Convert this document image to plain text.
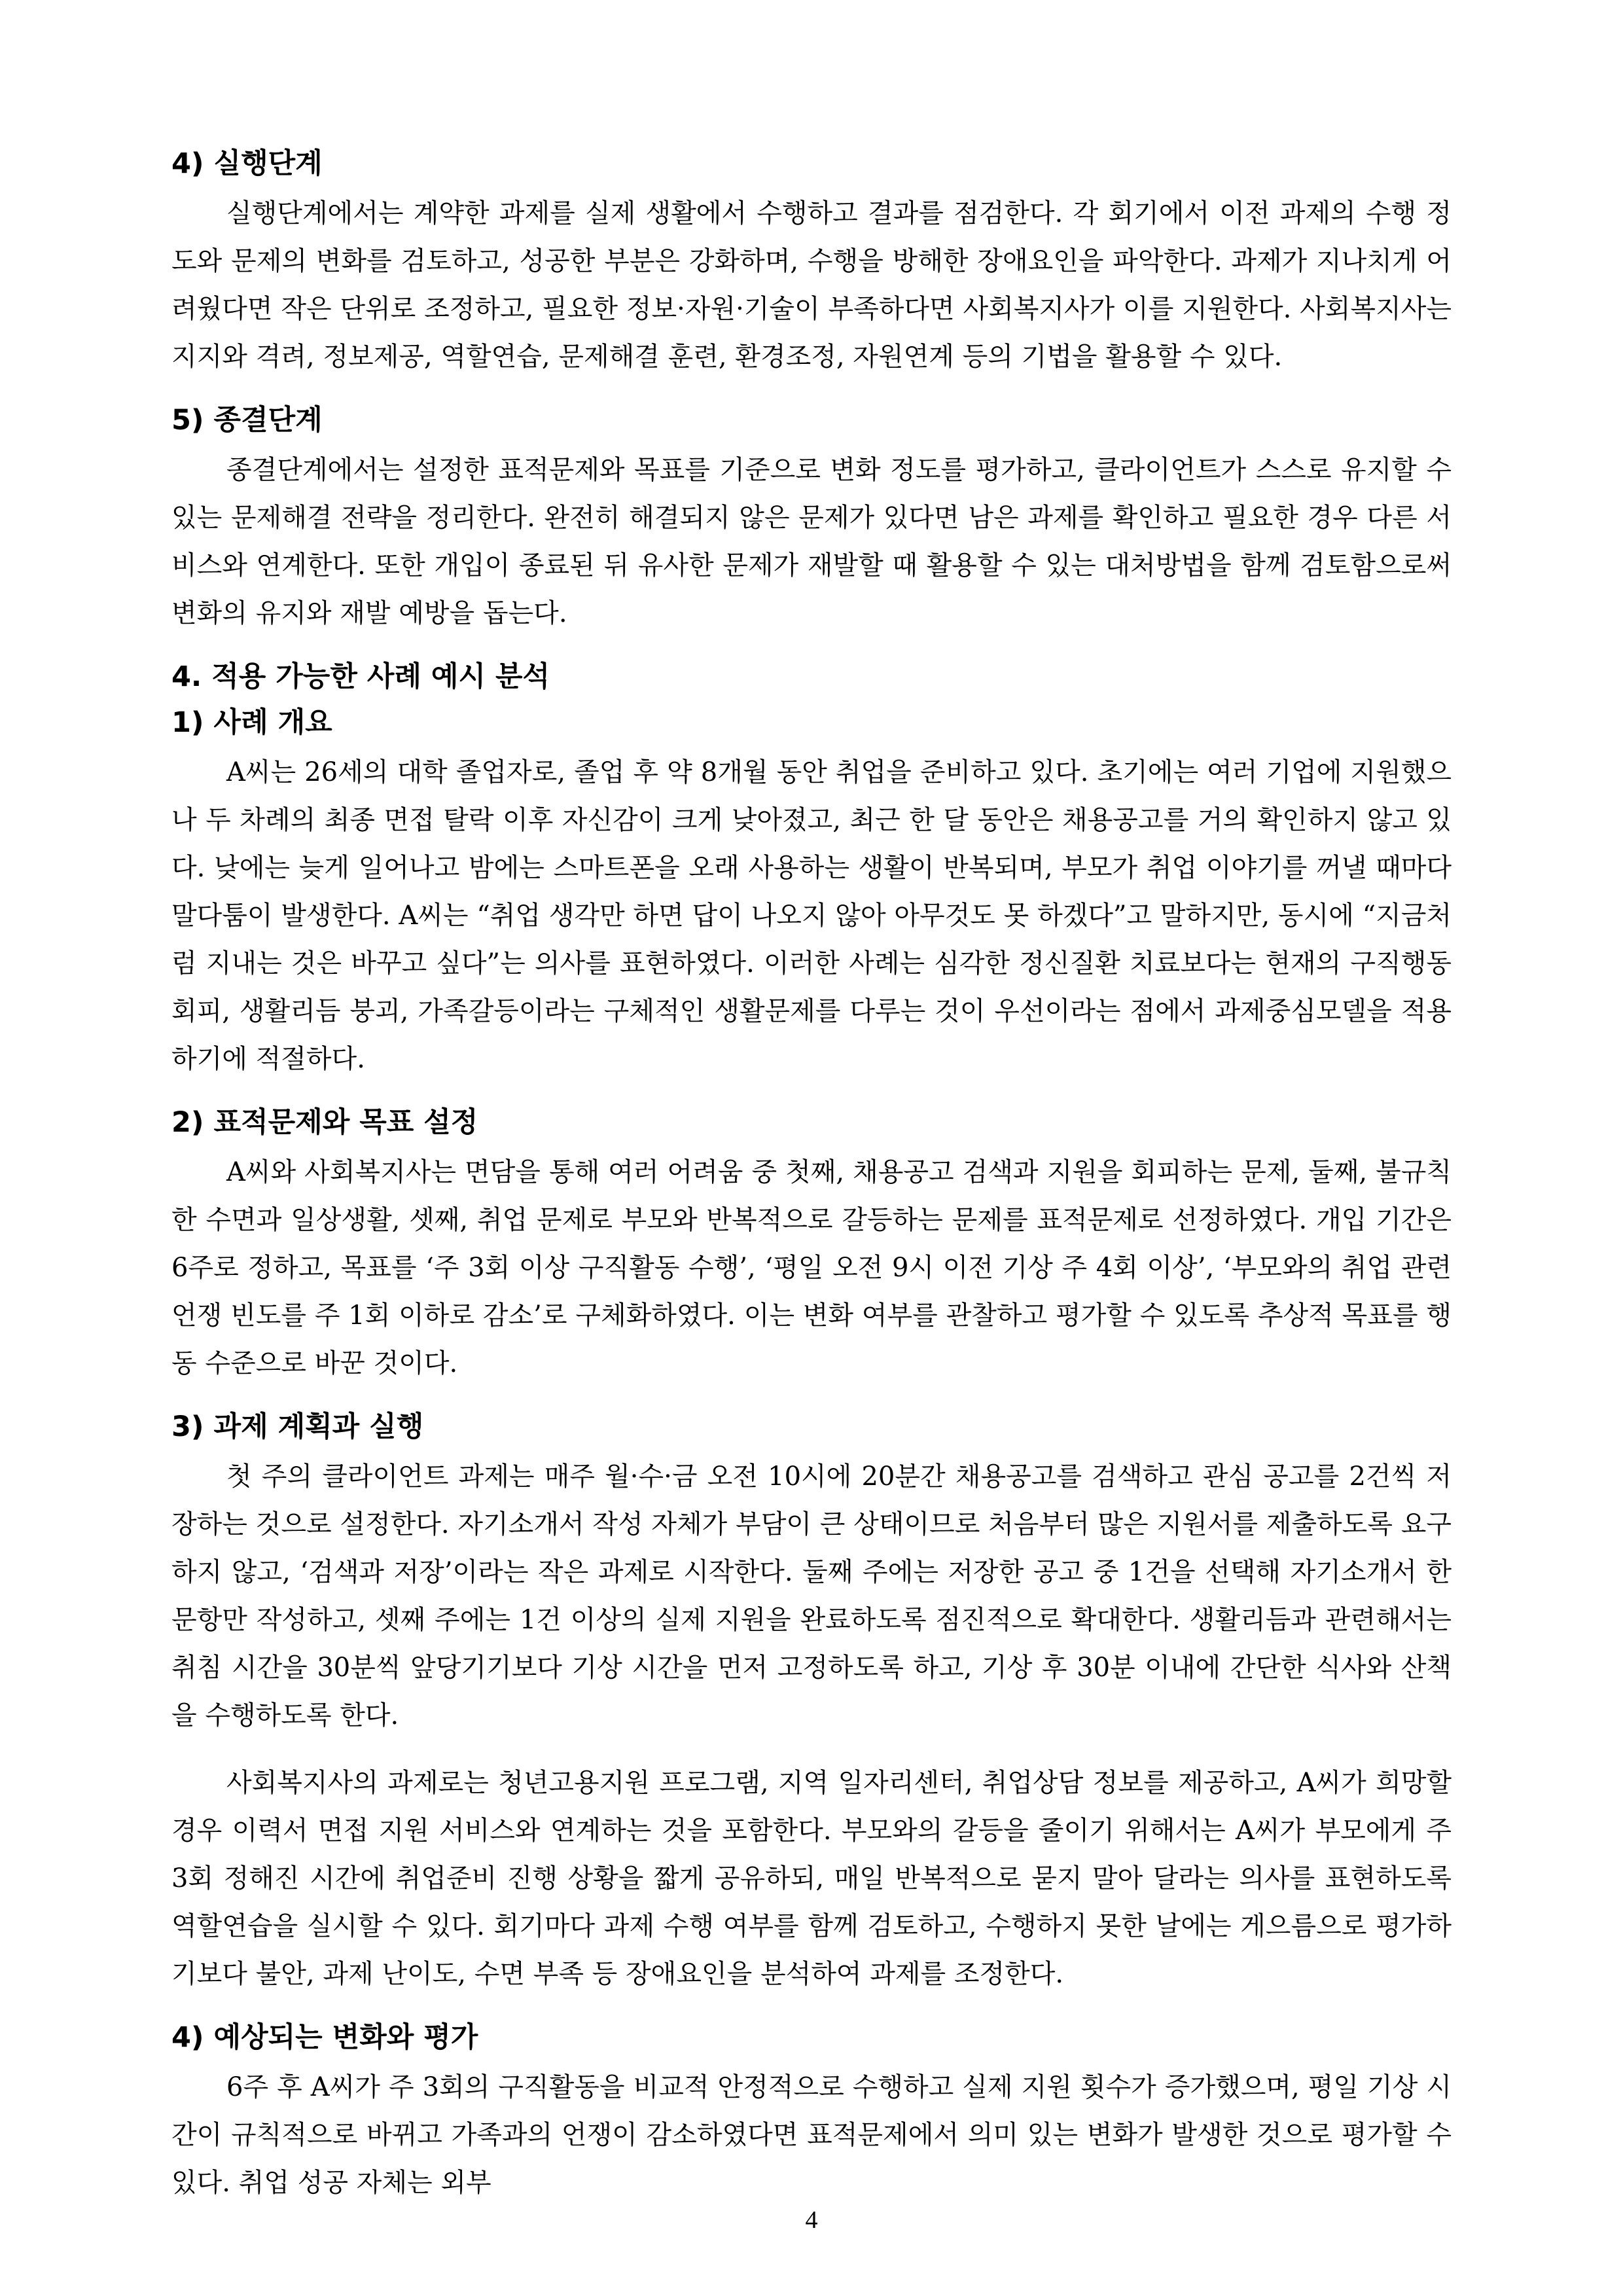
4) 실행단계

실행단계에서는 계약한 과제를 실제 생활에서 수행하고 결과를 점검한다. 각 회기에서 이전 과제의 수행 정도와 문제의 변화를 검토하고, 성공한 부분은 강화하며, 수행을 방해한 장애요인을 파악한다. 과제가 지나치게 어려웠다면 작은 단위로 조정하고, 필요한 정보·자원·기술이 부족하다면 사회복지사가 이를 지원한다. 사회복지사는 지지와 격려, 정보제공, 역할연습, 문제해결 훈련, 환경조정, 자원연계 등의 기법을 활용할 수 있다.

5) 종결단계

종결단계에서는 설정한 표적문제와 목표를 기준으로 변화 정도를 평가하고, 클라이언트가 스스로 유지할 수 있는 문제해결 전략을 정리한다. 완전히 해결되지 않은 문제가 있다면 남은 과제를 확인하고 필요한 경우 다른 서비스와 연계한다. 또한 개입이 종료된 뒤 유사한 문제가 재발할 때 활용할 수 있는 대처방법을 함께 검토함으로써 변화의 유지와 재발 예방을 돕는다.

4. 적용 가능한 사례 예시 분석
1) 사례 개요

A씨는 26세의 대학 졸업자로, 졸업 후 약 8개월 동안 취업을 준비하고 있다. 초기에는 여러 기업에 지원했으나 두 차례의 최종 면접 탈락 이후 자신감이 크게 낮아졌고, 최근 한 달 동안은 채용공고를 거의 확인하지 않고 있다. 낮에는 늦게 일어나고 밤에는 스마트폰을 오래 사용하는 생활이 반복되며, 부모가 취업 이야기를 꺼낼 때마다 말다툼이 발생한다. A씨는 “취업 생각만 하면 답이 나오지 않아 아무것도 못 하겠다”고 말하지만, 동시에 “지금처럼 지내는 것은 바꾸고 싶다”는 의사를 표현하였다. 이러한 사례는 심각한 정신질환 치료보다는 현재의 구직행동 회피, 생활리듬 붕괴, 가족갈등이라는 구체적인 생활문제를 다루는 것이 우선이라는 점에서 과제중심모델을 적용하기에 적절하다.

2) 표적문제와 목표 설정

A씨와 사회복지사는 면담을 통해 여러 어려움 중 첫째, 채용공고 검색과 지원을 회피하는 문제, 둘째, 불규칙한 수면과 일상생활, 셋째, 취업 문제로 부모와 반복적으로 갈등하는 문제를 표적문제로 선정하였다. 개입 기간은 6주로 정하고, 목표를 ‘주 3회 이상 구직활동 수행’, ‘평일 오전 9시 이전 기상 주 4회 이상’, ‘부모와의 취업 관련 언쟁 빈도를 주 1회 이하로 감소’로 구체화하였다. 이는 변화 여부를 관찰하고 평가할 수 있도록 추상적 목표를 행동 수준으로 바꾼 것이다.

3) 과제 계획과 실행

첫 주의 클라이언트 과제는 매주 월·수·금 오전 10시에 20분간 채용공고를 검색하고 관심 공고를 2건씩 저장하는 것으로 설정한다. 자기소개서 작성 자체가 부담이 큰 상태이므로 처음부터 많은 지원서를 제출하도록 요구하지 않고, ‘검색과 저장’이라는 작은 과제로 시작한다. 둘째 주에는 저장한 공고 중 1건을 선택해 자기소개서 한 문항만 작성하고, 셋째 주에는 1건 이상의 실제 지원을 완료하도록 점진적으로 확대한다. 생활리듬과 관련해서는 취침 시간을 30분씩 앞당기기보다 기상 시간을 먼저 고정하도록 하고, 기상 후 30분 이내에 간단한 식사와 산책을 수행하도록 한다.

사회복지사의 과제로는 청년고용지원 프로그램, 지역 일자리센터, 취업상담 정보를 제공하고, A씨가 희망할 경우 이력서 면접 지원 서비스와 연계하는 것을 포함한다. 부모와의 갈등을 줄이기 위해서는 A씨가 부모에게 주 3회 정해진 시간에 취업준비 진행 상황을 짧게 공유하되, 매일 반복적으로 묻지 말아 달라는 의사를 표현하도록 역할연습을 실시할 수 있다. 회기마다 과제 수행 여부를 함께 검토하고, 수행하지 못한 날에는 게으름으로 평가하기보다 불안, 과제 난이도, 수면 부족 등 장애요인을 분석하여 과제를 조정한다.

4) 예상되는 변화와 평가

6주 후 A씨가 주 3회의 구직활동을 비교적 안정적으로 수행하고 실제 지원 횟수가 증가했으며, 평일 기상 시간이 규칙적으로 바뀌고 가족과의 언쟁이 감소하였다면 표적문제에서 의미 있는 변화가 발생한 것으로 평가할 수 있다. 취업 성공 자체는 외부

4
